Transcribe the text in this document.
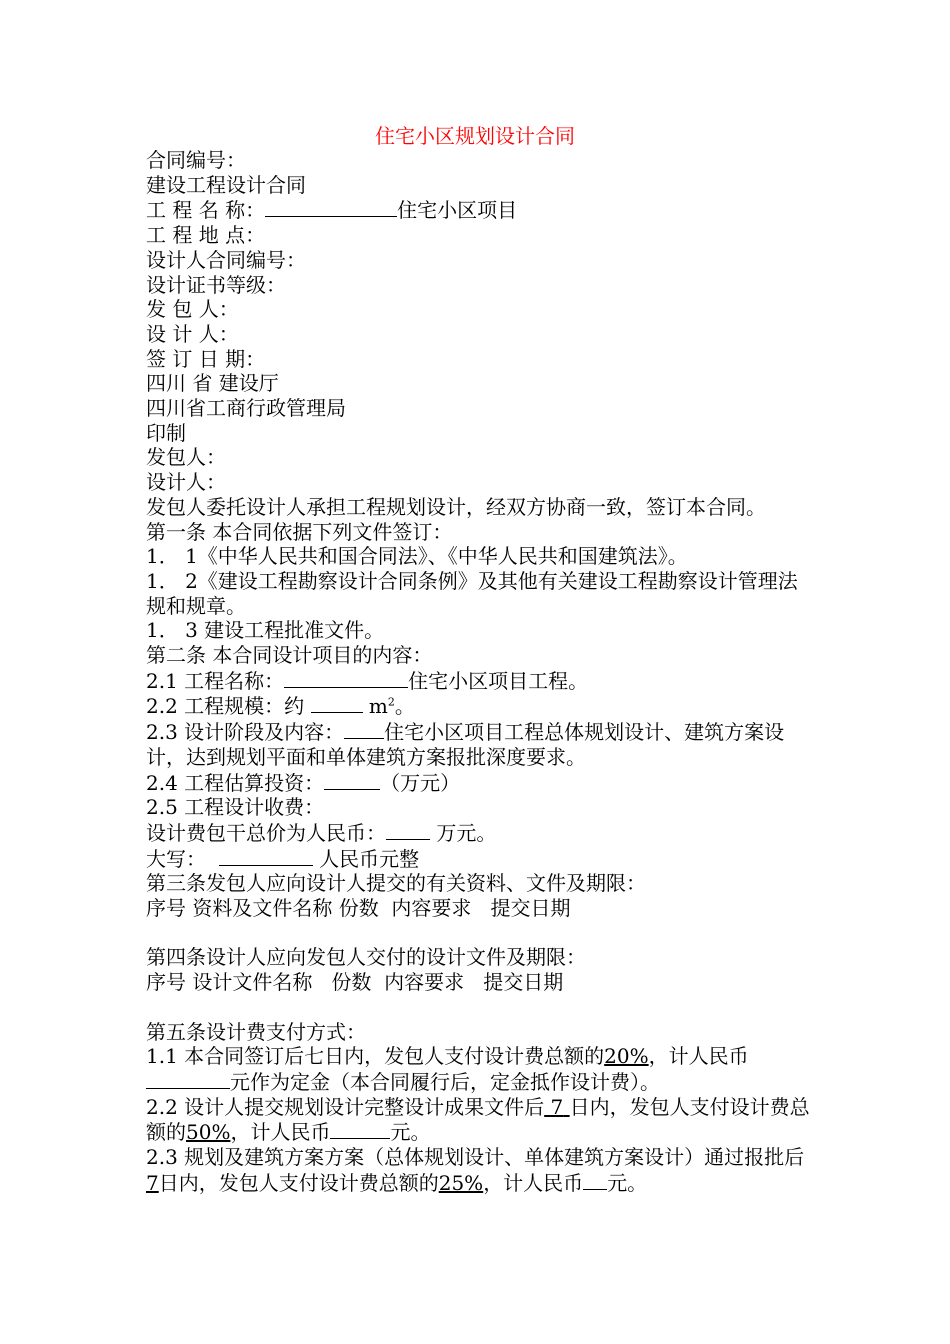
住宅小区规划设计合同
合同编号：
建设工程设计合同
工 程 名 称：	住宅小区项目
工 程 地 点：
设计人合同编号：
设计证书等级：
发 包 人：
设 计 人：
签 订 日 期：
四川 省 建设厅
四川省工商行政管理局
印制
发包人：
设计人：
发包人委托设计人承担工程规划设计，经双方协商一致，签订本合同。
第一条 本合同依据下列文件签订：
1． 1《中华人民共和国合同法》、《中华人民共和国建筑法》。
1． 2《建设工程勘察设计合同条例》及其他有关建设工程勘察设计管理法规和规章。
1． 3 建设工程批准文件。
第二条 本合同设计项目的内容：
2.1 工程名称：	住宅小区项目工程。
2.2 工程规模：约	$m^2$。
2.3 设计阶段及内容： 住宅小区项目工程总体规划设计、建筑方案设计，达到规划平面和单体建筑方案报批深度要求。
2.4 工程估算投资：	（万元）
2.5 工程设计收费：
设计费包干总价为人民币：	万元。
大写：	人民币元整
第三条发包人应向设计人提交的有关资料、文件及期限：
序号 资料及文件名称 份数  内容要求   提交日期
第四条设计人应向发包人交付的设计文件及期限：
序号 设计文件名称   份数  内容要求   提交日期
第五条设计费支付方式：
1.1 本合同签订后七日内，发包人支付设计费总额的20%，计人民币元作为定金（本合同履行后，定金抵作设计费）。
2.2 设计人提交规划设计完整设计成果文件后 7 日内，发包人支付设计费总额的50%，计人民币	元。
2.3 规划及建筑方案方案（总体规划设计、单体建筑方案设计）通过报批后7日内，发包人支付设计费总额的25%，计人民币 元。
